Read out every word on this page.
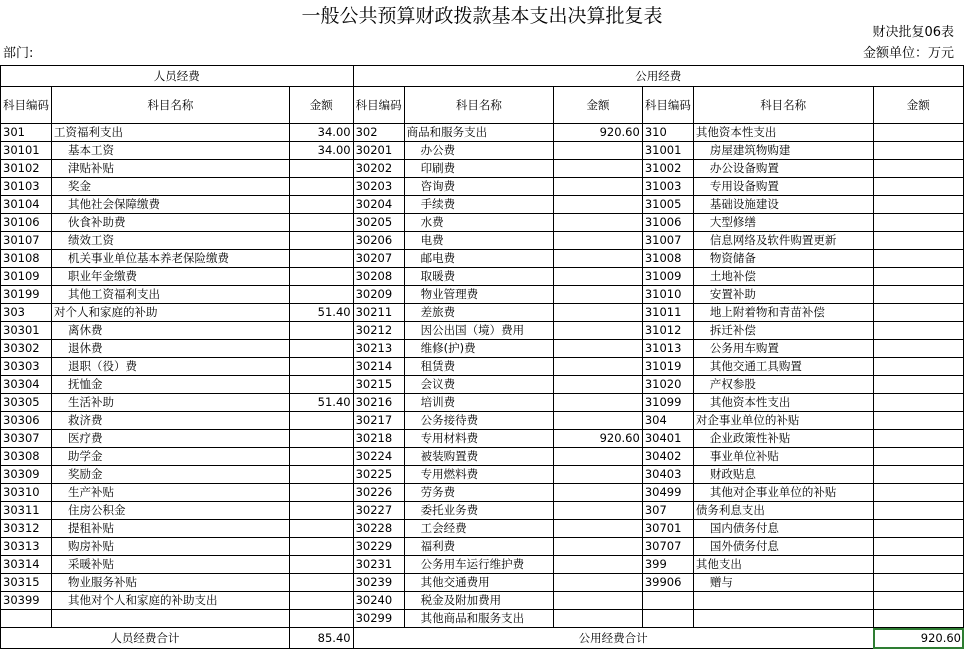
一般公共预算财政拨款基本支出决算批复表
财决批复06表
部门:	金额单位：万元
人员经费			公用经费					
科目编码	科目名称	金额	科目编码	科目名称	金额	科目编码	科目名称	金额
301	工资福利支出	34.00	302	商品和服务支出	920.60	310	其他资本性支出	
30101	基本工资	34.00	30201	办公费		31001	房屋建筑物购建	
30102	津贴补贴		30202	印刷费		31002	办公设备购置	
30103	奖金		30203	咨询费		31003	专用设备购置	
30104	其他社会保障缴费		30204	手续费		31005	基础设施建设	
30106	伙食补助费		30205	水费		31006	大型修缮	
30107	绩效工资		30206	电费		31007	信息网络及软件购置更新	
30108	机关事业单位基本养老保险缴费		30207	邮电费		31008	物资储备	
30109	职业年金缴费		30208	取暖费		31009	土地补偿	
30199	其他工资福利支出		30209	物业管理费		31010	安置补助	
303	对个人和家庭的补助	51.40	30211	差旅费		31011	地上附着物和青苗补偿	
30301	离休费		30212	因公出国（境）费用		31012	拆迁补偿	
30302	退休费		30213	维修(护)费		31013	公务用车购置	
30303	退职（役）费		30214	租赁费		31019	其他交通工具购置	
30304	抚恤金		30215	会议费		31020	产权参股	
30305	生活补助	51.40	30216	培训费		31099	其他资本性支出	
30306	救济费		30217	公务接待费		304	对企事业单位的补贴	
30307	医疗费		30218	专用材料费	920.60	30401	企业政策性补贴	
30308	助学金		30224	被装购置费		30402	事业单位补贴	
30309	奖励金		30225	专用燃料费		30403	财政贴息	
30310	生产补贴		30226	劳务费		30499	其他对企事业单位的补贴	
30311	住房公积金		30227	委托业务费		307	债务利息支出	
30312	提租补贴		30228	工会经费		30701	国内债务付息	
30313	购房补贴		30229	福利费		30707	国外债务付息	
30314	采暖补贴		30231	公务用车运行维护费		399	其他支出	
30315	物业服务补贴		30239	其他交通费用		39906	赠与	
30399	其他对个人和家庭的补助支出		30240	税金及附加费用				
			30299	其他商品和服务支出				
人员经费合计		85.40	公用经费合计					920.60
